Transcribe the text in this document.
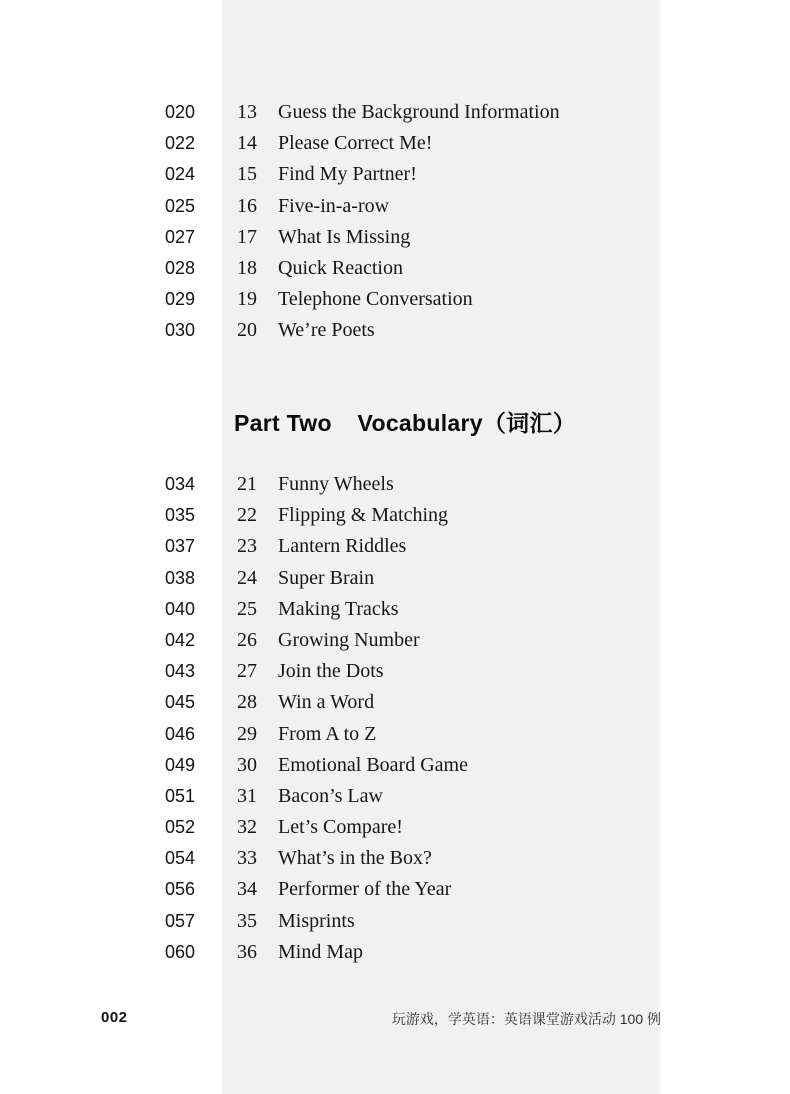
020 13	Guess the Background Information
022 14	Please Correct Me!
024 15	Find My Partner!
025 16	Five-in-a-row
027 17	What Is Missing
028 18	Quick Reaction
029 19	Telephone Conversation
030 20	We’re Poets
Part Two Vocabulary（词汇）
034 21	Funny Wheels
035 22	Flipping & Matching
037 23	Lantern Riddles
038 24	Super Brain
040 25	Making Tracks
042 26	Growing Number
043 27	Join the Dots
045 28	Win a Word
046 29	From A to Z
049 30	Emotional Board Game
051 31	Bacon’s Law
052 32	Let’s Compare!
054 33	What’s in the Box?
056 34	Performer of the Year
057 35	Misprints
060 36	Mind Map
002	玩游戏，学英语：英语课堂游戏活动 100 例
